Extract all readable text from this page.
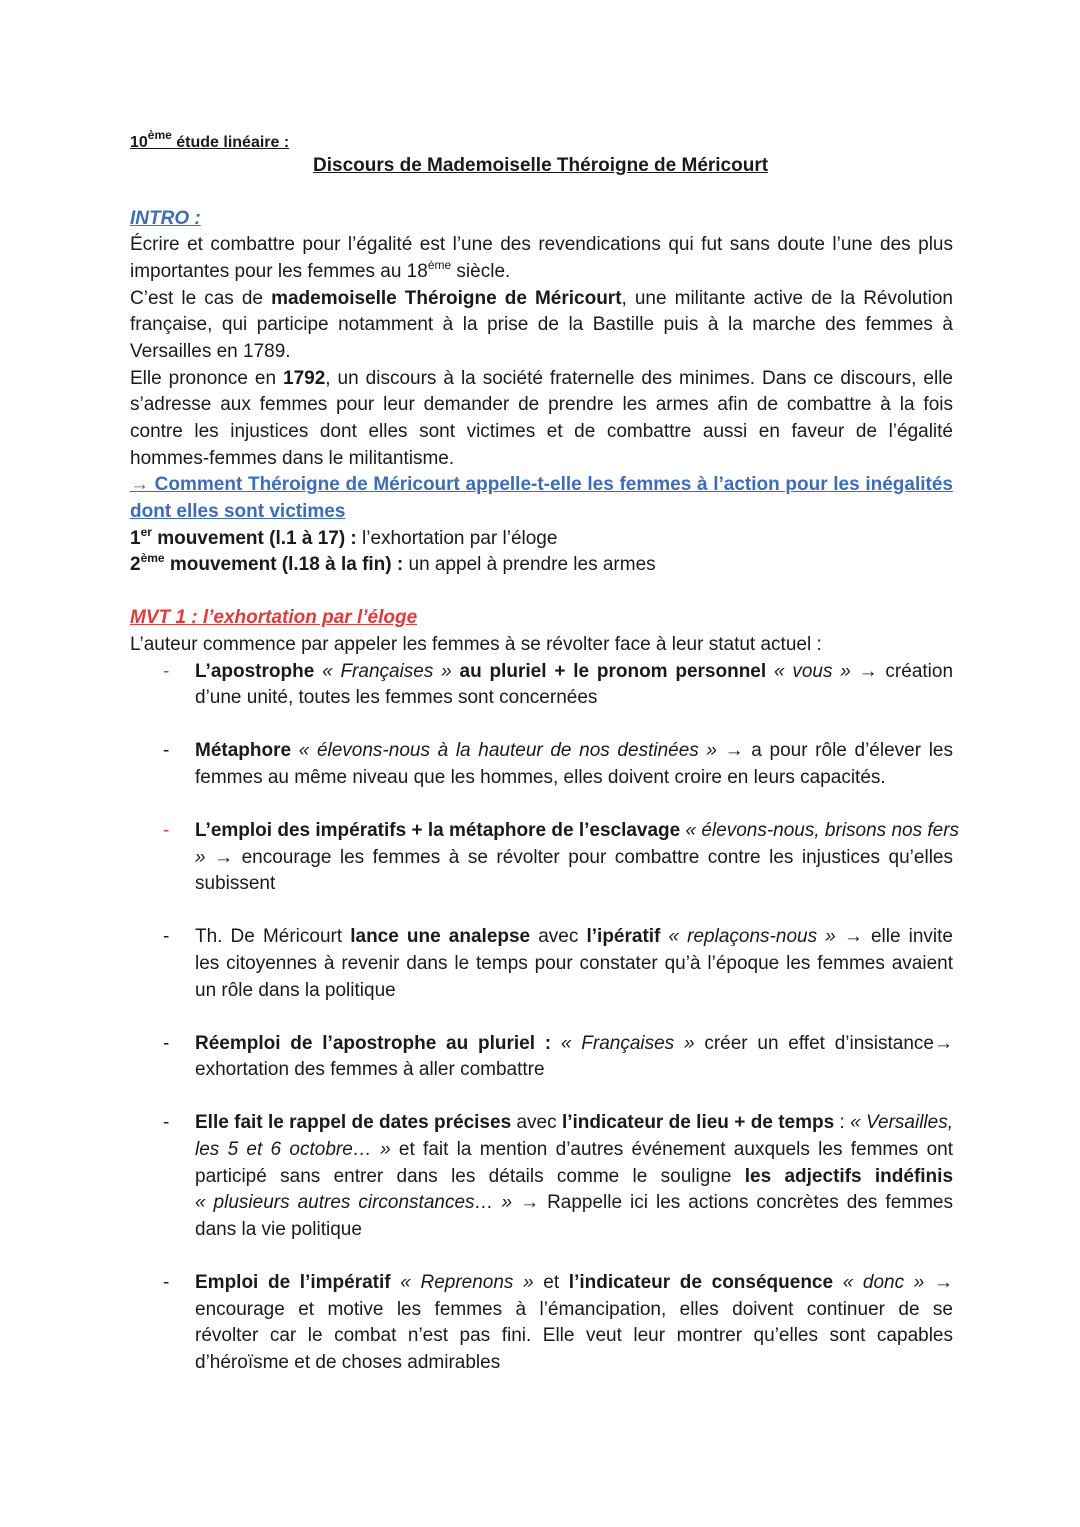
10ème étude linéaire :
Discours de Mademoiselle Théroigne de Méricourt
INTRO :
Écrire et combattre pour l’égalité est l’une des revendications qui fut sans doute l’une des plus
importantes pour les femmes au 18ème siècle.
C’est le cas de mademoiselle Théroigne de Méricourt, une militante active de la Révolution
française, qui participe notamment à la prise de la Bastille puis à la marche des femmes à
Versailles en 1789.
Elle prononce en 1792, un discours à la société fraternelle des minimes. Dans ce discours, elle
s’adresse aux femmes pour leur demander de prendre les armes afin de combattre à la fois
contre les injustices dont elles sont victimes et de combattre aussi en faveur de l’égalité
hommes-femmes dans le militantisme.
→ Comment Théroigne de Méricourt appelle-t-elle les femmes à l’action pour les inégalités
dont elles sont victimes
1er mouvement (l.1 à 17) : l’exhortation par l’éloge
2ème mouvement (l.18 à la fin) : un appel à prendre les armes
MVT 1 : l’exhortation par l’éloge
L’auteur commence par appeler les femmes à se révolter face à leur statut actuel :
- L’apostrophe « Françaises » au pluriel + le pronom personnel « vous » → création
d’une unité, toutes les femmes sont concernées
- Métaphore « élevons-nous à la hauteur de nos destinées » → a pour rôle d’élever les
femmes au même niveau que les hommes, elles doivent croire en leurs capacités.
- L’emploi des impératifs + la métaphore de l’esclavage « élevons-nous, brisons nos fers
» → encourage les femmes à se révolter pour combattre contre les injustices qu’elles
subissent
- Th. De Méricourt lance une analepse avec l’ipératif « replaçons-nous » → elle invite
les citoyennes à revenir dans le temps pour constater qu’à l’époque les femmes avaient
un rôle dans la politique
- Réemploi de l’apostrophe au pluriel : « Françaises » créer un effet d’insistance→
exhortation des femmes à aller combattre
- Elle fait le rappel de dates précises avec l’indicateur de lieu + de temps : « Versailles,
les 5 et 6 octobre… » et fait la mention d’autres événement auxquels les femmes ont
participé sans entrer dans les détails comme le souligne les adjectifs indéfinis
« plusieurs autres circonstances… » → Rappelle ici les actions concrètes des femmes
dans la vie politique
- Emploi de l’impératif « Reprenons » et l’indicateur de conséquence « donc » →
encourage et motive les femmes à l’émancipation, elles doivent continuer de se
révolter car le combat n’est pas fini. Elle veut leur montrer qu’elles sont capables
d’héroïsme et de choses admirables
